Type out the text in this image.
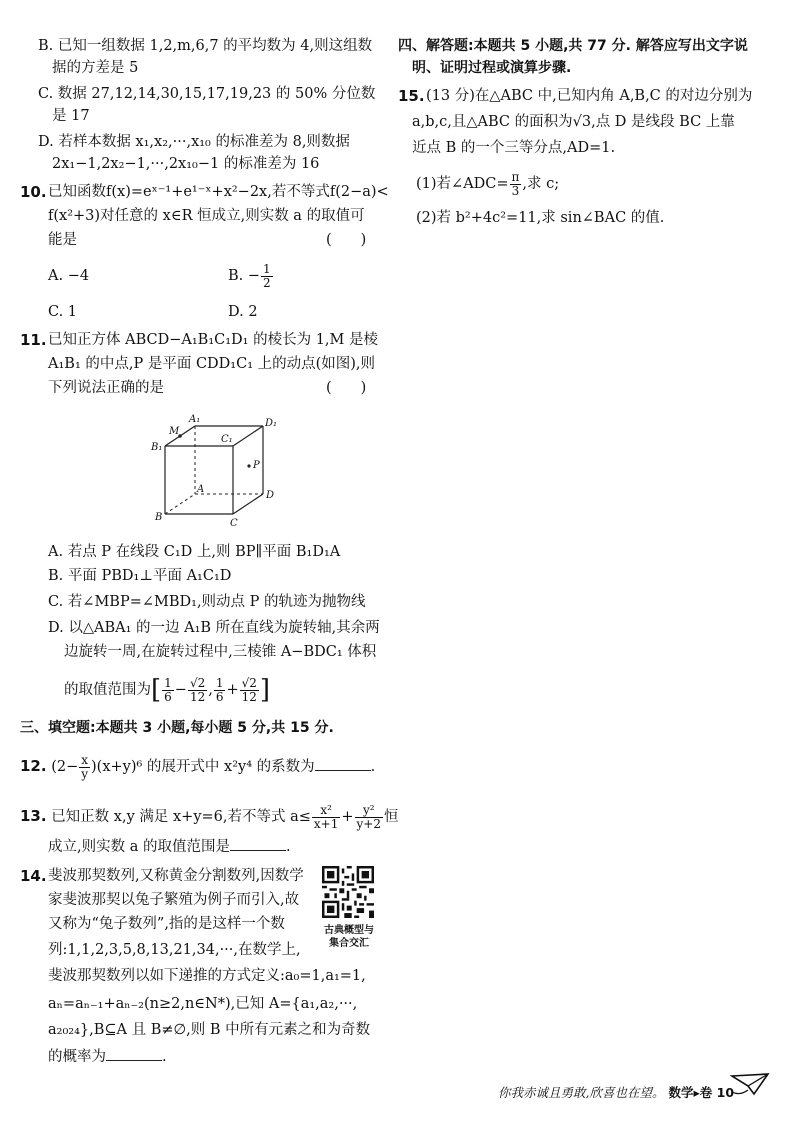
B. 已知一组数据 1,2,m,6,7 的平均数为 4,则这组数
据的方差是 5
C. 数据 27,12,14,30,15,17,19,23 的 50% 分位数
是 17
D. 若样本数据 x₁,x₂,···,x₁₀ 的标准差为 8,则数据
2x₁−1,2x₂−1,···,2x₁₀−1 的标准差为 16
10. 已知函数f(x)=eˣ⁻¹+e¹⁻ˣ+x²−2x,若不等式f(2−a)<
f(x²+3)对任意的 x∈R 恒成立,则实数 a 的取值可
能是	(　　)
A. −4	B. − $\frac{1}{2}$
C. 1	D. 2
11. 已知正方体 ABCD−A₁B₁C₁D₁ 的棱长为 1,M 是棱
A₁B₁ 的中点,P 是平面 CDD₁C₁ 上的动点(如图),则
下列说法正确的是	(　　)
A₁
M
B₁
C₁
D₁
P
A
D
B
C
A. 若点 P 在线段 C₁D 上,则 BP∥平面 B₁D₁A
B. 平面 PBD₁⊥平面 A₁C₁D
C. 若∠MBP=∠MBD₁,则动点 P 的轨迹为抛物线
D. 以△ABA₁ 的一边 A₁B 所在直线为旋转轴,其余两
边旋转一周,在旋转过程中,三棱锥 A−BDC₁ 体积
的取值范围为[ $\frac{1}{6} - \frac{√2}{12}$ , $\frac{1}{6} + \frac{√2}{12}$ ]
三、填空题:本题共 3 小题,每小题 5 分,共 15 分.
12. $(2- \frac{x}{y} )(x+y)^6$ 的展开式中 x²y⁴ 的系数为	.
13. 已知正数 x,y 满足 x+y=6,若不等式 $a\le \frac{\text{x²}}{x+1} + \frac{\text{y²}}{y+2}$ 恒
成立,则实数 a 的取值范围是	.
14. 斐波那契数列,又称黄金分割数列,因数学
家斐波那契以兔子繁殖为例子而引入,故
又称为“兔子数列”,指的是这样一个数
列:1,1,2,3,5,8,13,21,34,···,在数学上,
斐波那契数列以如下递推的方式定义:a₀=1,a₁=1,
aₙ=aₙ₋₁+aₙ₋₂(n≥2,n∈N*),已知 A={a₁,a₂,···,
a₂₀₂₄},B⊆A 且 B≠∅,则 B 中所有元素之和为奇数
的概率为	.
古典概型与
集合交汇
四、解答题:本题共 5 小题,共 77 分. 解答应写出文字说
明、证明过程或演算步骤.
15. (13 分)在△ABC 中,已知内角 A,B,C 的对边分别为
a,b,c,且△ABC 的面积为√3,点 D 是线段 BC 上靠
近点 B 的一个三等分点,AD=1.
(1)若∠ADC= $\frac{\pi}{3}$ ,求 c;
(2)若 b²+4c²=11,求 sin∠BAC 的值.
你我赤诚且勇敢,欣喜也在望。 数学▸卷 10
